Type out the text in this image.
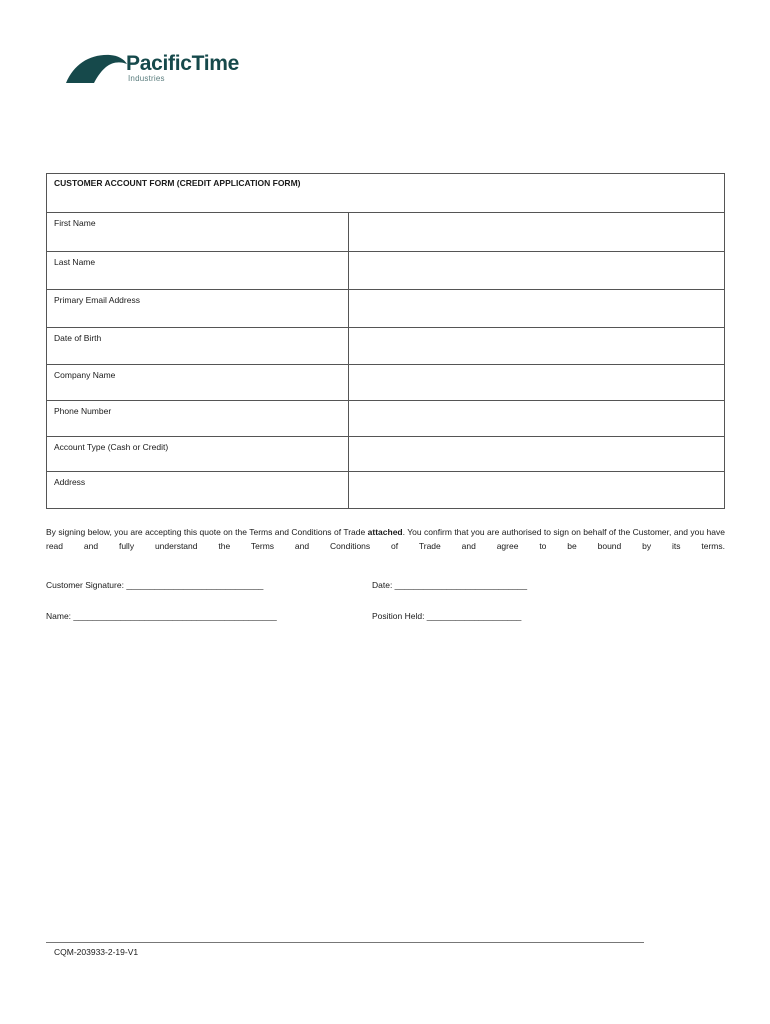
PacificTime
Industries
CUSTOMER ACCOUNT FORM (CREDIT APPLICATION FORM)
First Name
Last Name
Primary Email Address
Date of Birth
Company Name
Phone Number
Account Type (Cash or Credit)
Address

By signing below, you are accepting this quote on the Terms and Conditions of Trade attached. You confirm that you are authorised to sign on behalf of the Customer, and you have read and fully understand the Terms and Conditions of Trade and agree to be bound by its terms.

Customer Signature: _____________________________	Date: ____________________________
Name: ___________________________________________	Position Held: ____________________
CQM-203933-2-19-V1
